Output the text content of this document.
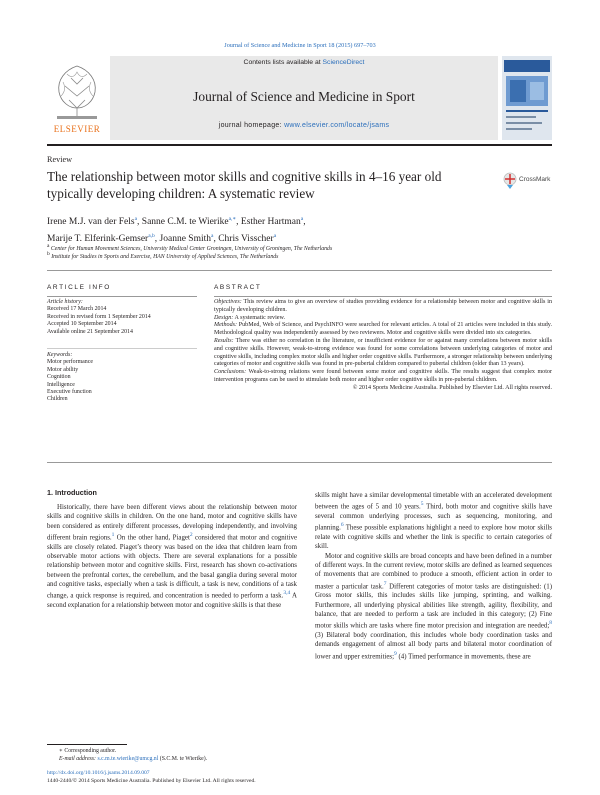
Journal of Science and Medicine in Sport 18 (2015) 697–703
ELSEVIER
Contents lists available at ScienceDirect
Journal of Science and Medicine in Sport
journal homepage: www.elsevier.com/locate/jsams
Review
The relationship between motor skills and cognitive skills in 4–16 year old typically developing children: A systematic review
CrossMark
Irene M.J. van der Fels$^a$, Sanne C.M. te Wierike$^{a,∗}$, Esther Hartman$^a$,
Marije T. Elferink-Gemser$^{a,b}$, Joanne Smith$^a$, Chris Visscher$^a$
$^a$ Center for Human Movement Sciences, University Medical Center Groningen, University of Groningen, The Netherlands
$^b$ Institute for Studies in Sports and Exercise, HAN University of Applied Sciences, The Netherlands
ARTICLE INFO
Article history:
Received 17 March 2014
Received in revised form 1 September 2014
Accepted 10 September 2014
Available online 21 September 2014
Keywords:
Motor performance
Motor ability
Cognition
Intelligence
Executive function
Children
ABSTRACT
Objectives: This review aims to give an overview of studies providing evidence for a relationship between motor and cognitive skills in typically developing children.
Design: A systematic review.
Methods: PubMed, Web of Science, and PsychINFO were searched for relevant articles. A total of 21 articles were included in this study. Methodological quality was independently assessed by two reviewers. Motor and cognitive skills were divided into six categories.
Results: There was either no correlation in the literature, or insufficient evidence for or against many correlations between motor skills and cognitive skills. However, weak-to-strong evidence was found for some correlations between underlying categories of motor and cognitive skills, including complex motor skills and higher order cognitive skills. Furthermore, a stronger relationship between underlying categories of motor and cognitive skills was found in pre-pubertal children compared to pubertal children (older than 13 years).
Conclusions: Weak-to-strong relations were found between some motor and cognitive skills. The results suggest that complex motor intervention programs can be used to stimulate both motor and higher order cognitive skills in pre-pubertal children.
© 2014 Sports Medicine Australia. Published by Elsevier Ltd. All rights reserved.
1. Introduction

Historically, there have been different views about the relationship between motor skills and cognitive skills in children. On the one hand, motor and cognitive skills have been considered as entirely different processes, developing independently, and involving different brain regions.$^1$ On the other hand, Piaget$^2$ considered that motor and cognitive skills are closely related. Piaget’s theory was based on the idea that children learn from observable motor actions with objects. There are several explanations for a possible relationship between motor and cognitive skills. First, research has shown co-activations between the prefrontal cortex, the cerebellum, and the basal ganglia during several motor and cognitive tasks, especially when a task is difficult, a task is new, conditions of a task change, a quick response is required, and concentration is needed to perform a task.$^{3,4}$ A second explanation for a relationship between motor and cognitive skills is that these

skills might have a similar developmental timetable with an accelerated development between the ages of 5 and 10 years.$^5$ Third, both motor and cognitive skills have several common underlying processes, such as sequencing, monitoring, and planning.$^6$ These possible explanations highlight a need to explore how motor skills relate with cognitive skills and whether the link is specific to certain categories of skill.

Motor and cognitive skills are broad concepts and have been defined in a number of different ways. In the current review, motor skills are defined as learned sequences of movements that are combined to produce a smooth, efficient action in order to master a particular task.$^7$ Different categories of motor tasks are distinguished: (1) Gross motor skills, this includes skills like jumping, sprinting, and walking. Furthermore, all underlying physical abilities like strength, agility, flexibility, and balance, that are needed to perform a task are included in this category; (2) Fine motor skills which are tasks where fine motor precision and integration are needed;$^8$ (3) Bilateral body coordination, this includes whole body coordination tasks and demands engagement of almost all body parts and bilateral motor coordination of lower and upper extremities;$^9$ (4) Timed performance in movements, these are

∗ Corresponding author.
E-mail address: s.c.m.te.wierike@umcg.nl (S.C.M. te Wierike).
http://dx.doi.org/10.1016/j.jsams.2014.09.007
1440-2440/© 2014 Sports Medicine Australia. Published by Elsevier Ltd. All rights reserved.
